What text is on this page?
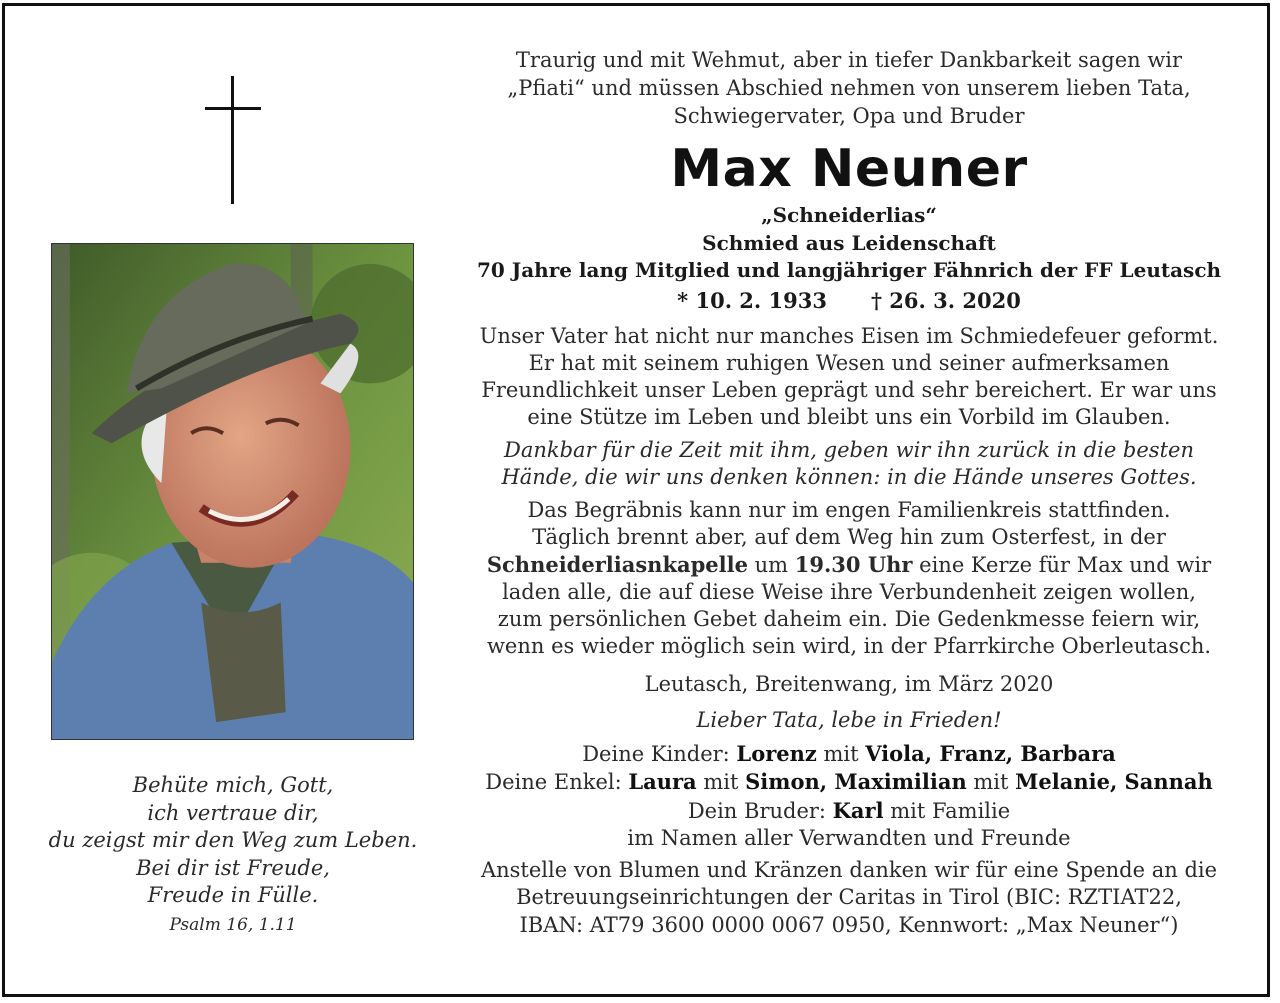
Behüte mich, Gott,
ich vertraue dir,
du zeigst mir den Weg zum Leben.
Bei dir ist Freude,
Freude in Fülle.
Psalm 16, 1.11
Traurig und mit Wehmut, aber in tiefer Dankbarkeit sagen wir
„Pfiati“ und müssen Abschied nehmen von unserem lieben Tata,
Schwiegervater, Opa und Bruder
Max Neuner
„Schneiderlias“
Schmied aus Leidenschaft
70 Jahre lang Mitglied und langjähriger Fähnrich der FF Leutasch
* 10. 2. 1933 † 26. 3. 2020
Unser Vater hat nicht nur manches Eisen im Schmiedefeuer geformt.
Er hat mit seinem ruhigen Wesen und seiner aufmerksamen
Freundlichkeit unser Leben geprägt und sehr bereichert. Er war uns
eine Stütze im Leben und bleibt uns ein Vorbild im Glauben.
Dankbar für die Zeit mit ihm, geben wir ihn zurück in die besten
Hände, die wir uns denken können: in die Hände unseres Gottes.
Das Begräbnis kann nur im engen Familienkreis stattfinden.
Täglich brennt aber, auf dem Weg hin zum Osterfest, in der
Schneiderliasnkapelle um 19.30 Uhr eine Kerze für Max und wir
laden alle, die auf diese Weise ihre Verbundenheit zeigen wollen,
zum persönlichen Gebet daheim ein. Die Gedenkmesse feiern wir,
wenn es wieder möglich sein wird, in der Pfarrkirche Oberleutasch.
Leutasch, Breitenwang, im März 2020
Lieber Tata, lebe in Frieden!
Deine Kinder: Lorenz mit Viola, Franz, Barbara
Deine Enkel: Laura mit Simon, Maximilian mit Melanie, Sannah
Dein Bruder: Karl mit Familie
im Namen aller Verwandten und Freunde
Anstelle von Blumen und Kränzen danken wir für eine Spende an die
Betreuungseinrichtungen der Caritas in Tirol (BIC: RZTIAT22,
IBAN: AT79 3600 0000 0067 0950, Kennwort: „Max Neuner“)
